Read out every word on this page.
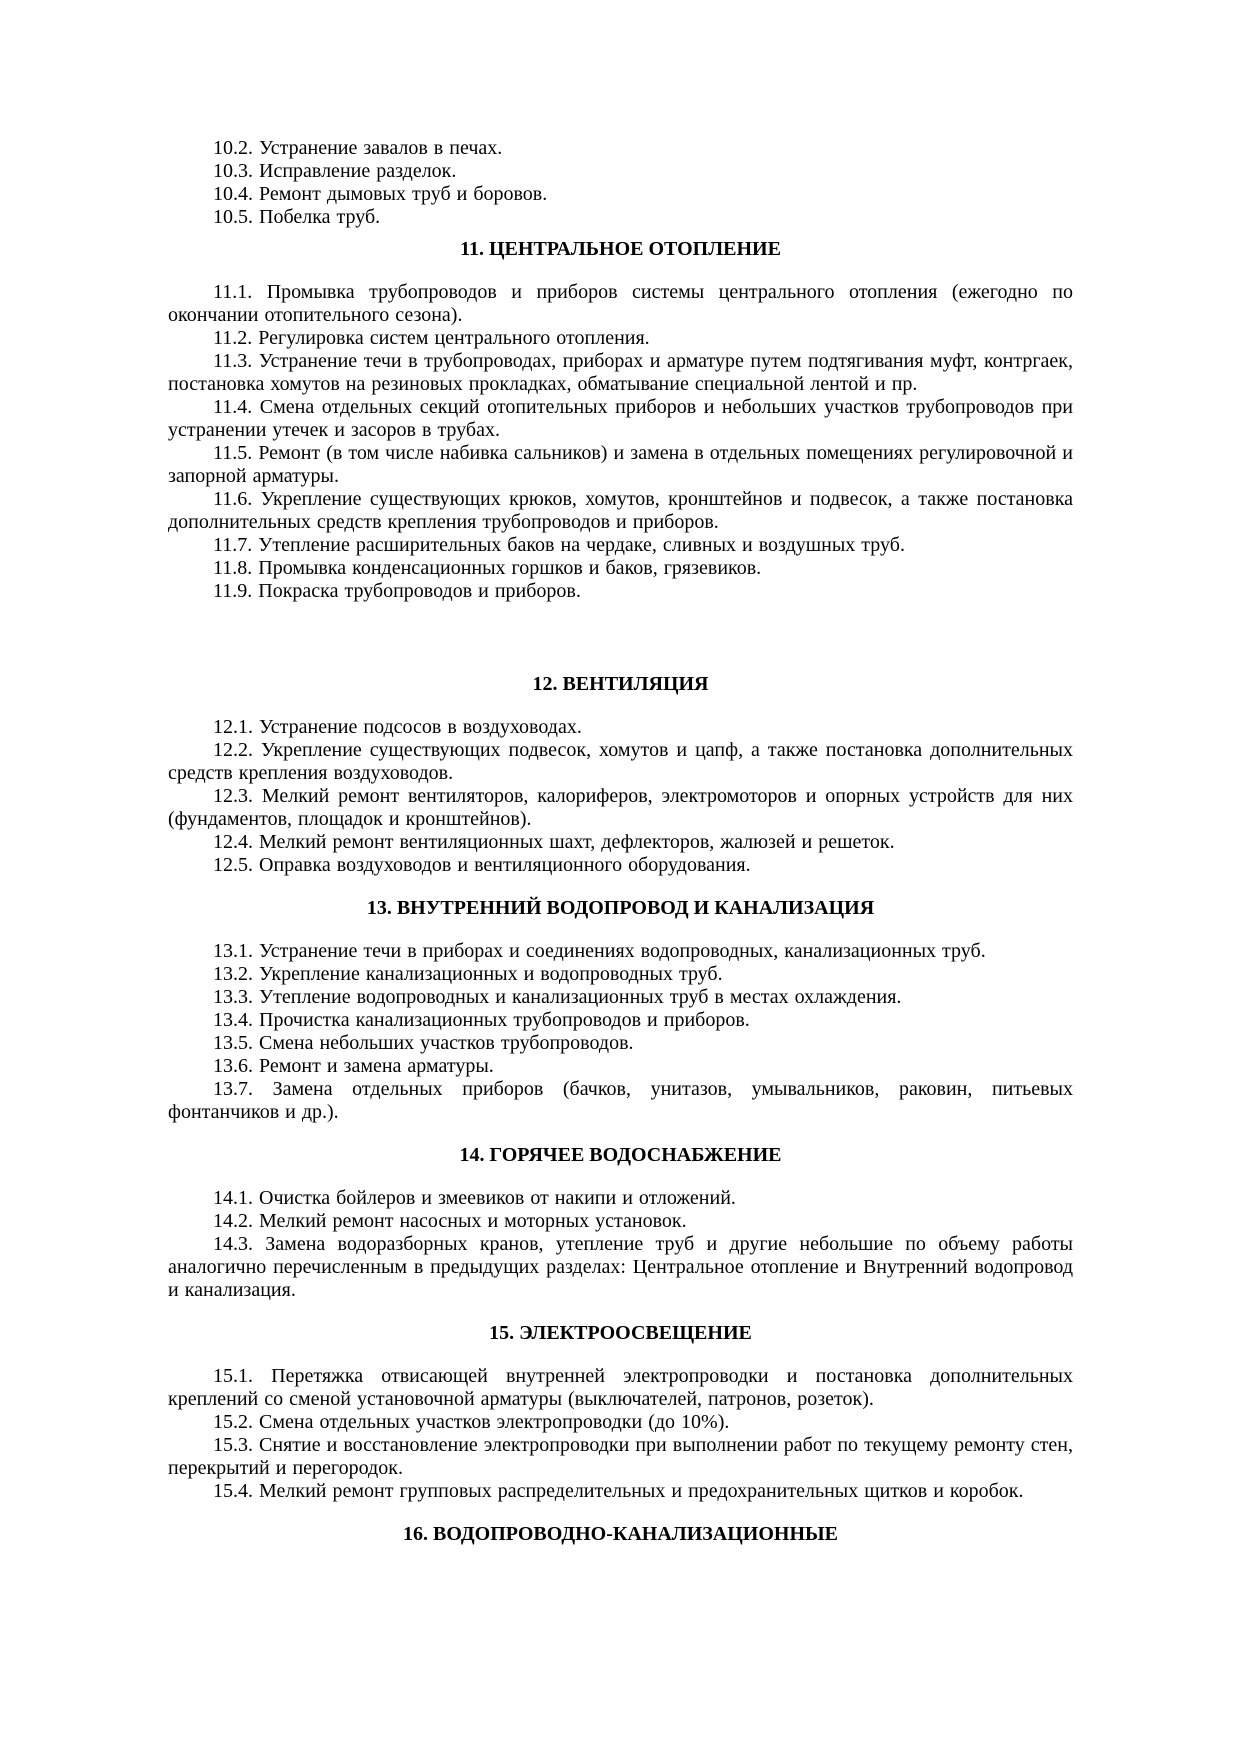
10.2. Устранение завалов в печах.

10.3. Исправление разделок.

10.4. Ремонт дымовых труб и боровов.

10.5. Побелка труб.

11. ЦЕНТРАЛЬНОЕ ОТОПЛЕНИЕ

11.1. Промывка трубопроводов и приборов системы центрального отопления (ежегодно по окончании отопительного сезона).

11.2. Регулировка систем центрального отопления.

11.3. Устранение течи в трубопроводах, приборах и арматуре путем подтягивания муфт, контргаек, постановка хомутов на резиновых прокладках, обматывание специальной лентой и пр.

11.4. Смена отдельных секций отопительных приборов и небольших участков трубопроводов при устранении утечек и засоров в трубах.

11.5. Ремонт (в том числе набивка сальников) и замена в отдельных помещениях регулировочной и запорной арматуры.

11.6. Укрепление существующих крюков, хомутов, кронштейнов и подвесок, а также постановка дополнительных средств крепления трубопроводов и приборов.

11.7. Утепление расширительных баков на чердаке, сливных и воздушных труб.

11.8. Промывка конденсационных горшков и баков, грязевиков.

11.9. Покраска трубопроводов и приборов.

12. ВЕНТИЛЯЦИЯ

12.1. Устранение подсосов в воздуховодах.

12.2. Укрепление существующих подвесок, хомутов и цапф, а также постановка дополнительных средств крепления воздуховодов.

12.3. Мелкий ремонт вентиляторов, калориферов, электромоторов и опорных устройств для них (фундаментов, площадок и кронштейнов).

12.4. Мелкий ремонт вентиляционных шахт, дефлекторов, жалюзей и решеток.

12.5. Оправка воздуховодов и вентиляционного оборудования.

13. ВНУТРЕННИЙ ВОДОПРОВОД И КАНАЛИЗАЦИЯ

13.1. Устранение течи в приборах и соединениях водопроводных, канализационных труб.

13.2. Укрепление канализационных и водопроводных труб.

13.3. Утепление водопроводных и канализационных труб в местах охлаждения.

13.4. Прочистка канализационных трубопроводов и приборов.

13.5. Смена небольших участков трубопроводов.

13.6. Ремонт и замена арматуры.

13.7. Замена отдельных приборов (бачков, унитазов, умывальников, раковин, питьевых фонтанчиков и др.).

14. ГОРЯЧЕЕ ВОДОСНАБЖЕНИЕ

14.1. Очистка бойлеров и змеевиков от накипи и отложений.

14.2. Мелкий ремонт насосных и моторных установок.

14.3. Замена водоразборных кранов, утепление труб и другие небольшие по объему работы аналогично перечисленным в предыдущих разделах: Центральное отопление и Внутренний водопровод и канализация.

15. ЭЛЕКТРООСВЕЩЕНИЕ

15.1. Перетяжка отвисающей внутренней электропроводки и постановка дополнительных креплений со сменой установочной арматуры (выключателей, патронов, розеток).

15.2. Смена отдельных участков электропроводки (до 10%).

15.3. Снятие и восстановление электропроводки при выполнении работ по текущему ремонту стен, перекрытий и перегородок.

15.4. Мелкий ремонт групповых распределительных и предохранительных щитков и коробок.

16. ВОДОПРОВОДНО-КАНАЛИЗАЦИОННЫЕ
